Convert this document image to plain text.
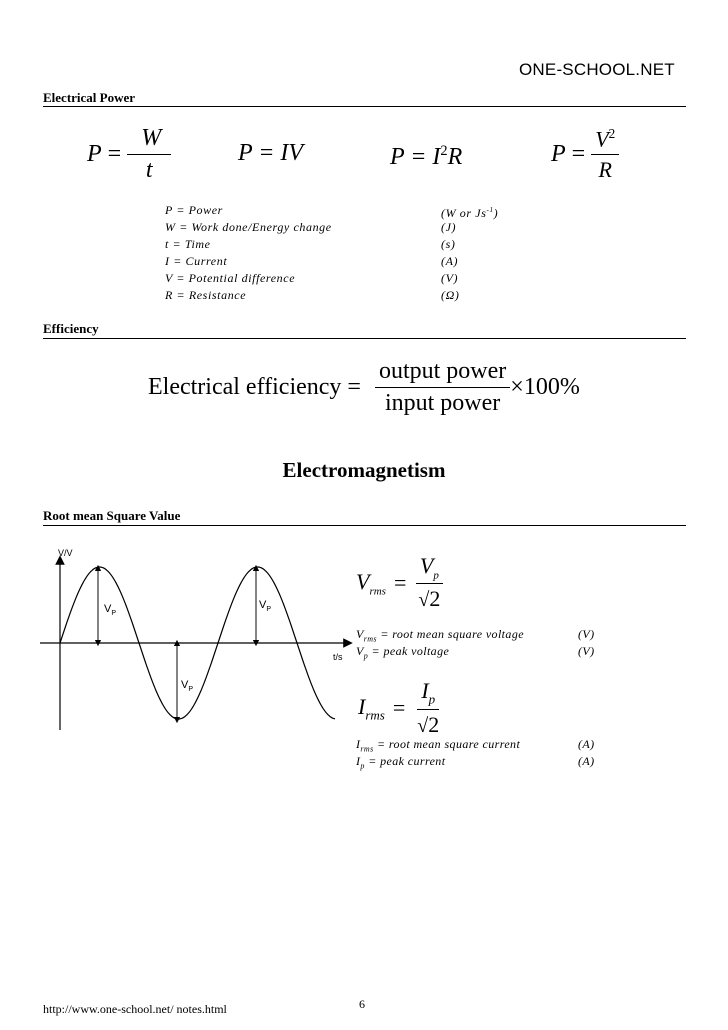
ONE-SCHOOL.NET
Electrical Power
$P = \frac{W}{t}$	P = IV	$P = I^2R$	$P = \frac{V^2}{R}$
P = Power	(W or $Js^{-1}$)
W = Work done/Energy change	(J)
t = Time	(s)
I = Current	(A)
V = Potential difference	(V)
R = Resistance	(Ω)
Efficiency
Electrical efficiency = $\frac{\text{output power}}{\text{input power}} \times 100\%$
Electromagnetism
Root mean Square Value
V/V
t/s
$V_P$
$V_P$
$V_P$
$V_{rms} = \frac{V_p}{√2}$
$V_{rms}$ = root mean square voltage	(V)
$V_p$ = peak voltage	(V)
$I_{rms} = \frac{I_p}{√2}$
$I_{rms}$ = root mean square current	(A)
$I_p$ = peak current	(A)
http://www.one-school.net/ notes.html	6
